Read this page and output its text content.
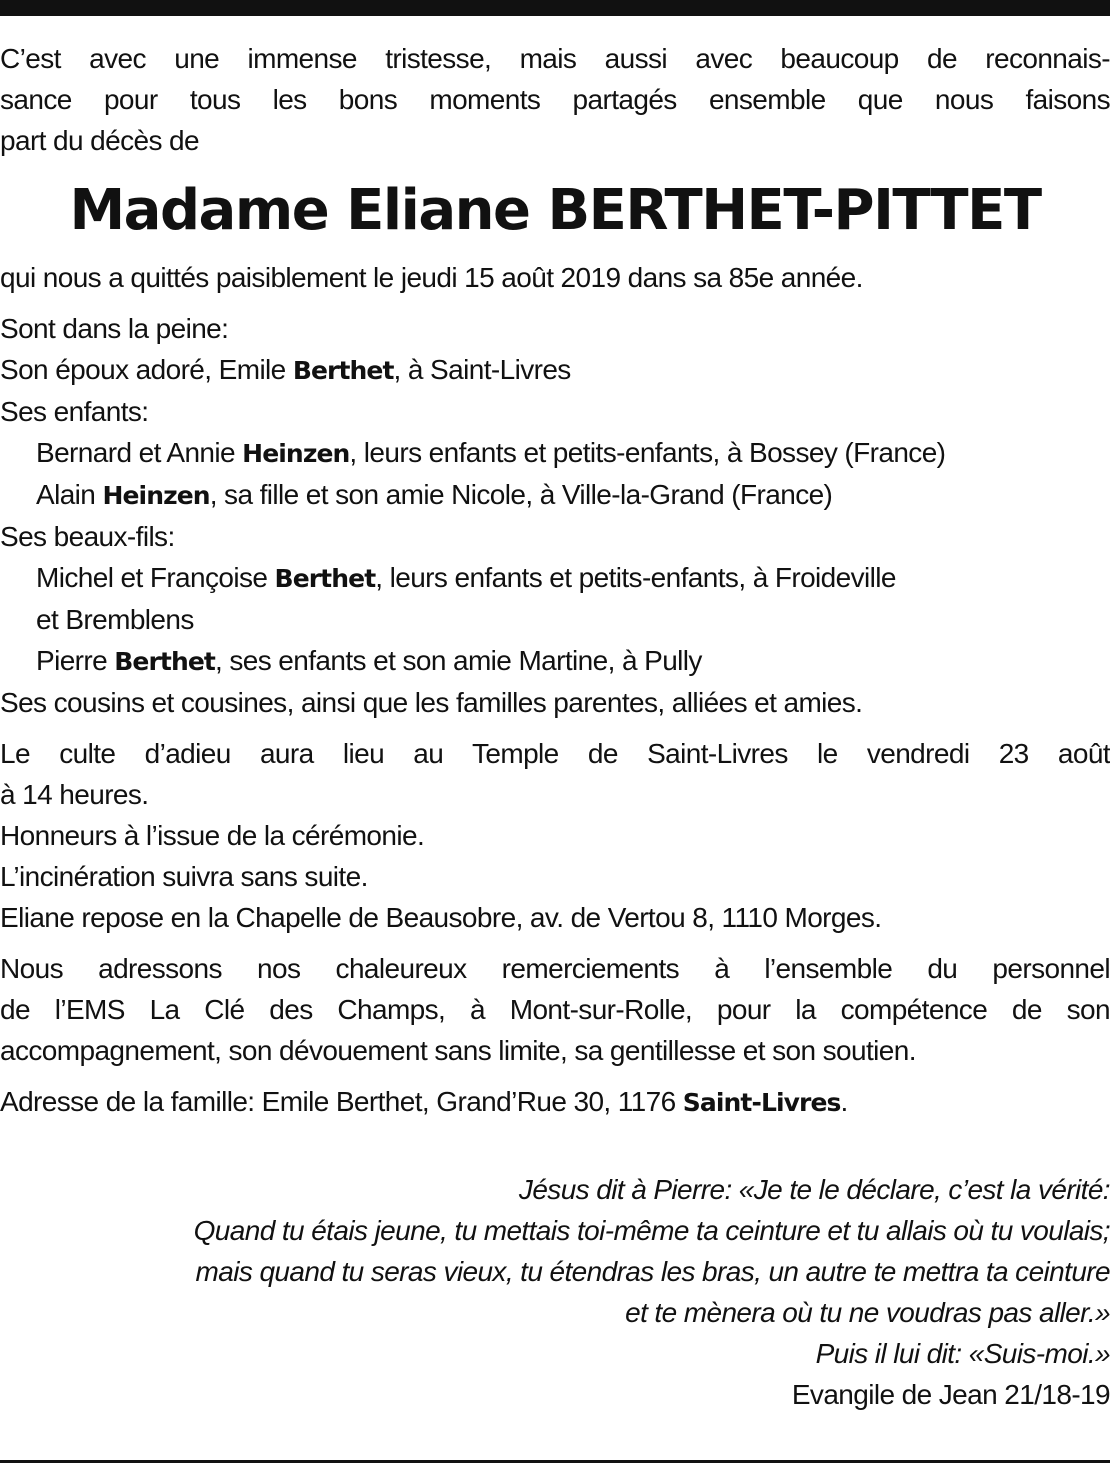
C’est avec une immense tristesse, mais aussi avec beaucoup de reconnais-
sance pour tous les bons moments partagés ensemble que nous faisons
part du décès de

Madame Eliane BERTHET-PITTET

qui nous a quittés paisiblement le jeudi 15 août 2019 dans sa 85e année.

Sont dans la peine:

Son époux adoré, Emile Berthet, à Saint-Livres

Ses enfants:

Bernard et Annie Heinzen, leurs enfants et petits-enfants, à Bossey (France)

Alain Heinzen, sa fille et son amie Nicole, à Ville-la-Grand (France)

Ses beaux-fils:

Michel et Françoise Berthet, leurs enfants et petits-enfants, à Froideville

et Bremblens

Pierre Berthet, ses enfants et son amie Martine, à Pully

Ses cousins et cousines, ainsi que les familles parentes, alliées et amies.

Le culte d’adieu aura lieu au Temple de Saint-Livres le vendredi 23 août
à 14 heures.

Honneurs à l’issue de la cérémonie.

L’incinération suivra sans suite.

Eliane repose en la Chapelle de Beausobre, av. de Vertou 8, 1110 Morges.

Nous adressons nos chaleureux remerciements à l’ensemble du personnel
de l’EMS La Clé des Champs, à Mont-sur-Rolle, pour la compétence de son
accompagnement, son dévouement sans limite, sa gentillesse et son soutien.

Adresse de la famille: Emile Berthet, Grand’Rue 30, 1176 Saint-Livres.

Jésus dit à Pierre: «Je te le déclare, c’est la vérité:

Quand tu étais jeune, tu mettais toi-même ta ceinture et tu allais où tu voulais;

mais quand tu seras vieux, tu étendras les bras, un autre te mettra ta ceinture

et te mènera où tu ne voudras pas aller.»

Puis il lui dit: «Suis-moi.»

Evangile de Jean 21/18-19
